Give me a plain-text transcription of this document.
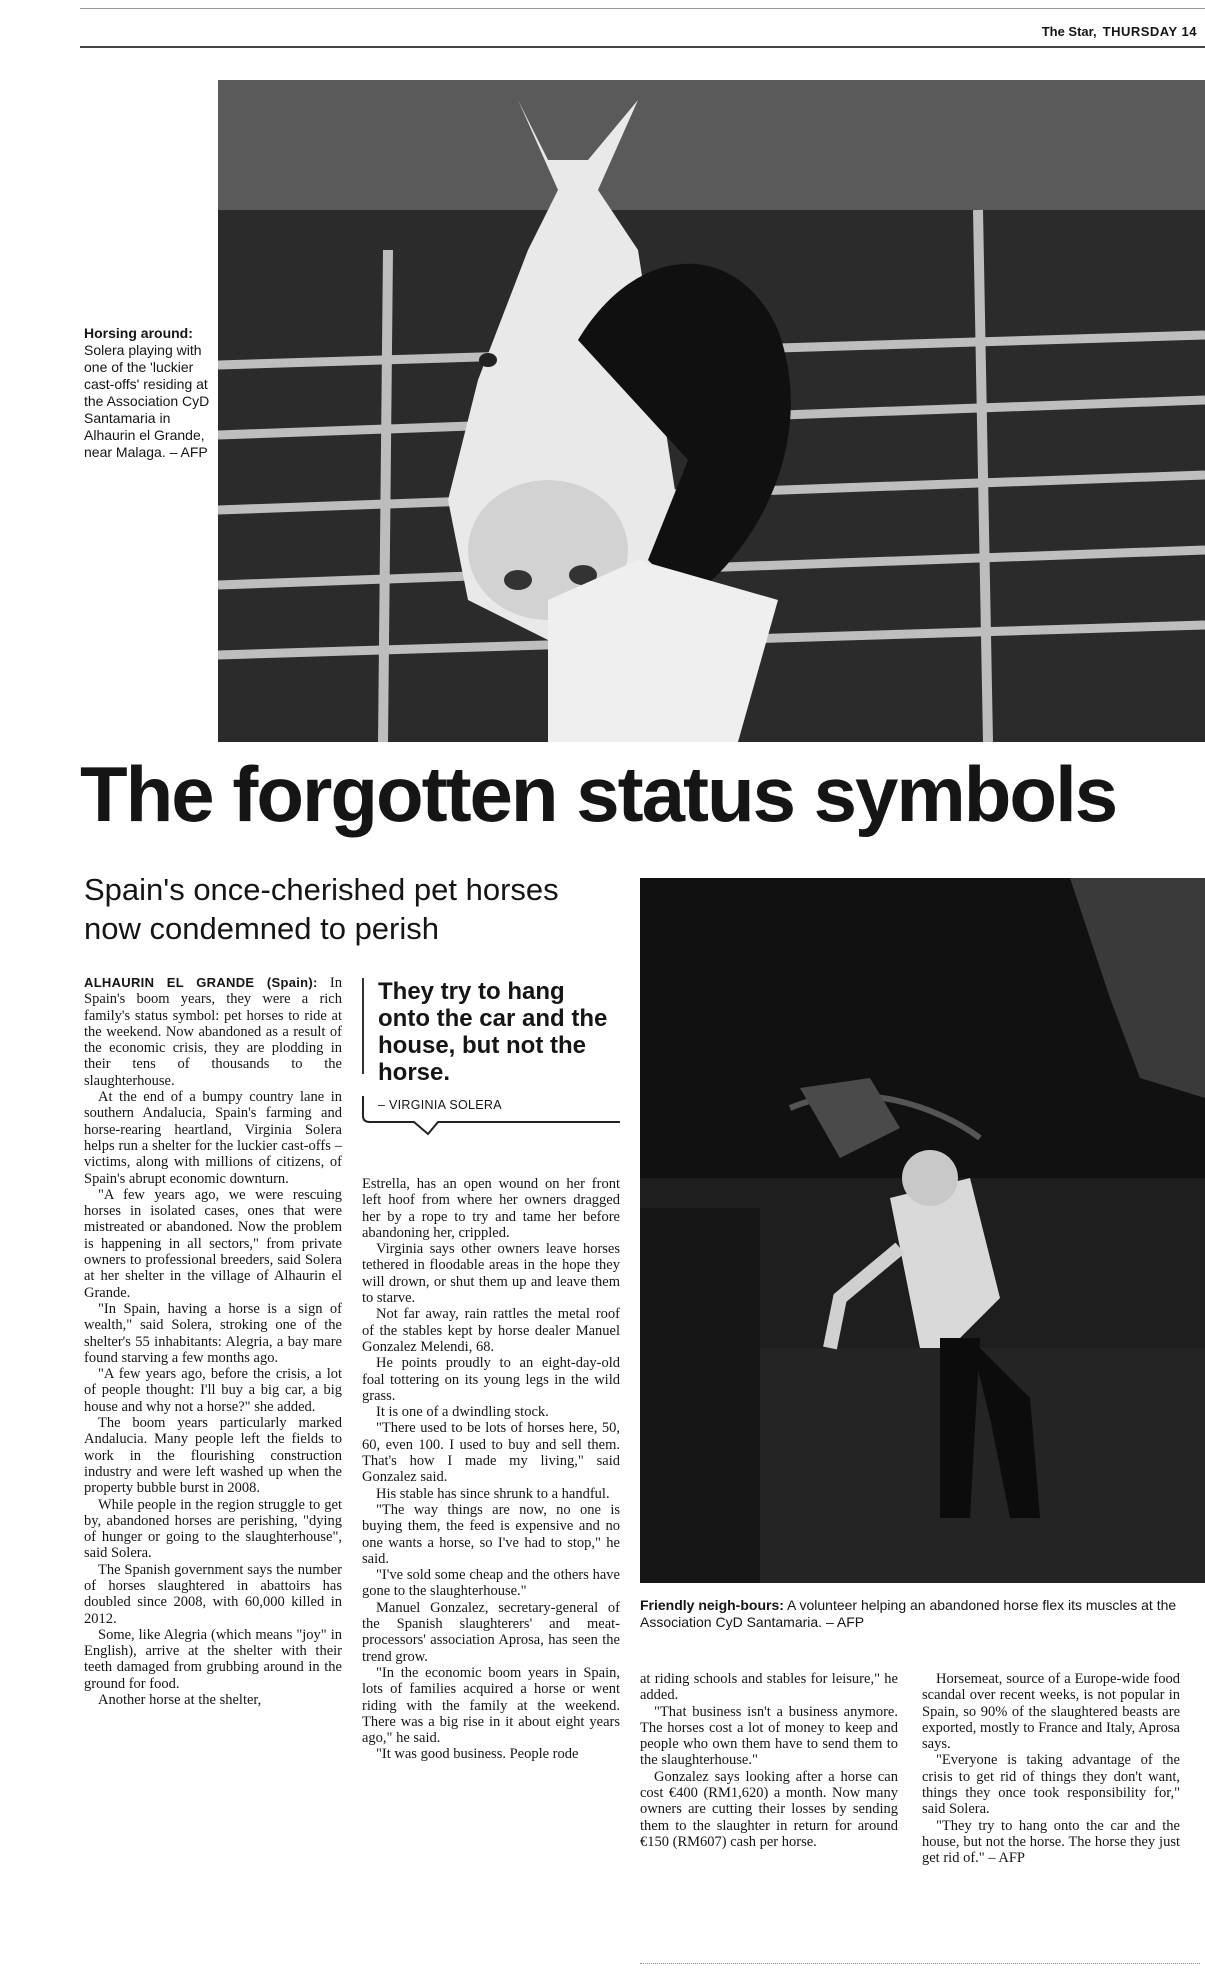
The Star, THURSDAY 14
Horsing around: Solera playing with one of the 'luckier cast-offs' residing at the Association CyD Santamaria in Alhaurin el Grande, near Malaga. – AFP
The forgotten status symbols
Spain's once-cherished pet horses now condemned to perish

ALHAURIN EL GRANDE (Spain): In Spain's boom years, they were a rich family's status symbol: pet horses to ride at the weekend. Now abandoned as a result of the economic crisis, they are plodding in their tens of thousands to the slaughterhouse.

At the end of a bumpy country lane in southern Andalucia, Spain's farming and horse-rearing heartland, Virginia Solera helps run a shelter for the luckier cast-offs – victims, along with millions of citizens, of Spain's abrupt economic downturn.

"A few years ago, we were rescuing horses in isolated cases, ones that were mistreated or abandoned. Now the problem is happening in all sectors," from private owners to professional breeders, said Solera at her shelter in the village of Alhaurin el Grande.

"In Spain, having a horse is a sign of wealth," said Solera, stroking one of the shelter's 55 inhabitants: Alegria, a bay mare found starving a few months ago.

"A few years ago, before the crisis, a lot of people thought: I'll buy a big car, a big house and why not a horse?" she added.

The boom years particularly marked Andalucia. Many people left the fields to work in the flourishing construction industry and were left washed up when the property bubble burst in 2008.

While people in the region struggle to get by, abandoned horses are perishing, "dying of hunger or going to the slaughterhouse", said Solera.

The Spanish government says the number of horses slaughtered in abattoirs has doubled since 2008, with 60,000 killed in 2012.

Some, like Alegria (which means "joy" in English), arrive at the shelter with their teeth damaged from grubbing around in the ground for food.

Another horse at the shelter,

They try to hang onto the car and the house, but not the horse.
– VIRGINIA SOLERA

Estrella, has an open wound on her front left hoof from where her owners dragged her by a rope to try and tame her before abandoning her, crippled.

Virginia says other owners leave horses tethered in floodable areas in the hope they will drown, or shut them up and leave them to starve.

Not far away, rain rattles the metal roof of the stables kept by horse dealer Manuel Gonzalez Melendi, 68.

He points proudly to an eight-day-old foal tottering on its young legs in the wild grass.

It is one of a dwindling stock.

"There used to be lots of horses here, 50, 60, even 100. I used to buy and sell them. That's how I made my living," said Gonzalez said.

His stable has since shrunk to a handful.

"The way things are now, no one is buying them, the feed is expensive and no one wants a horse, so I've had to stop," he said.

"I've sold some cheap and the others have gone to the slaughterhouse."

Manuel Gonzalez, secretary-general of the Spanish slaughterers' and meat-processors' association Aprosa, has seen the trend grow.

"In the economic boom years in Spain, lots of families acquired a horse or went riding with the family at the weekend. There was a big rise in it about eight years ago," he said.

"It was good business. People rode

Friendly neigh-bours: A volunteer helping an abandoned horse flex its muscles at the Association CyD Santamaria. – AFP

at riding schools and stables for leisure," he added.

"That business isn't a business anymore. The horses cost a lot of money to keep and people who own them have to send them to the slaughterhouse."

Gonzalez says looking after a horse can cost €400 (RM1,620) a month. Now many owners are cutting their losses by sending them to the slaughter in return for around €150 (RM607) cash per horse.

Horsemeat, source of a Europe-wide food scandal over recent weeks, is not popular in Spain, so 90% of the slaughtered beasts are exported, mostly to France and Italy, Aprosa says.

"Everyone is taking advantage of the crisis to get rid of things they don't want, things they once took responsibility for," said Solera.

"They try to hang onto the car and the house, but not the horse. The horse they just get rid of." – AFP
